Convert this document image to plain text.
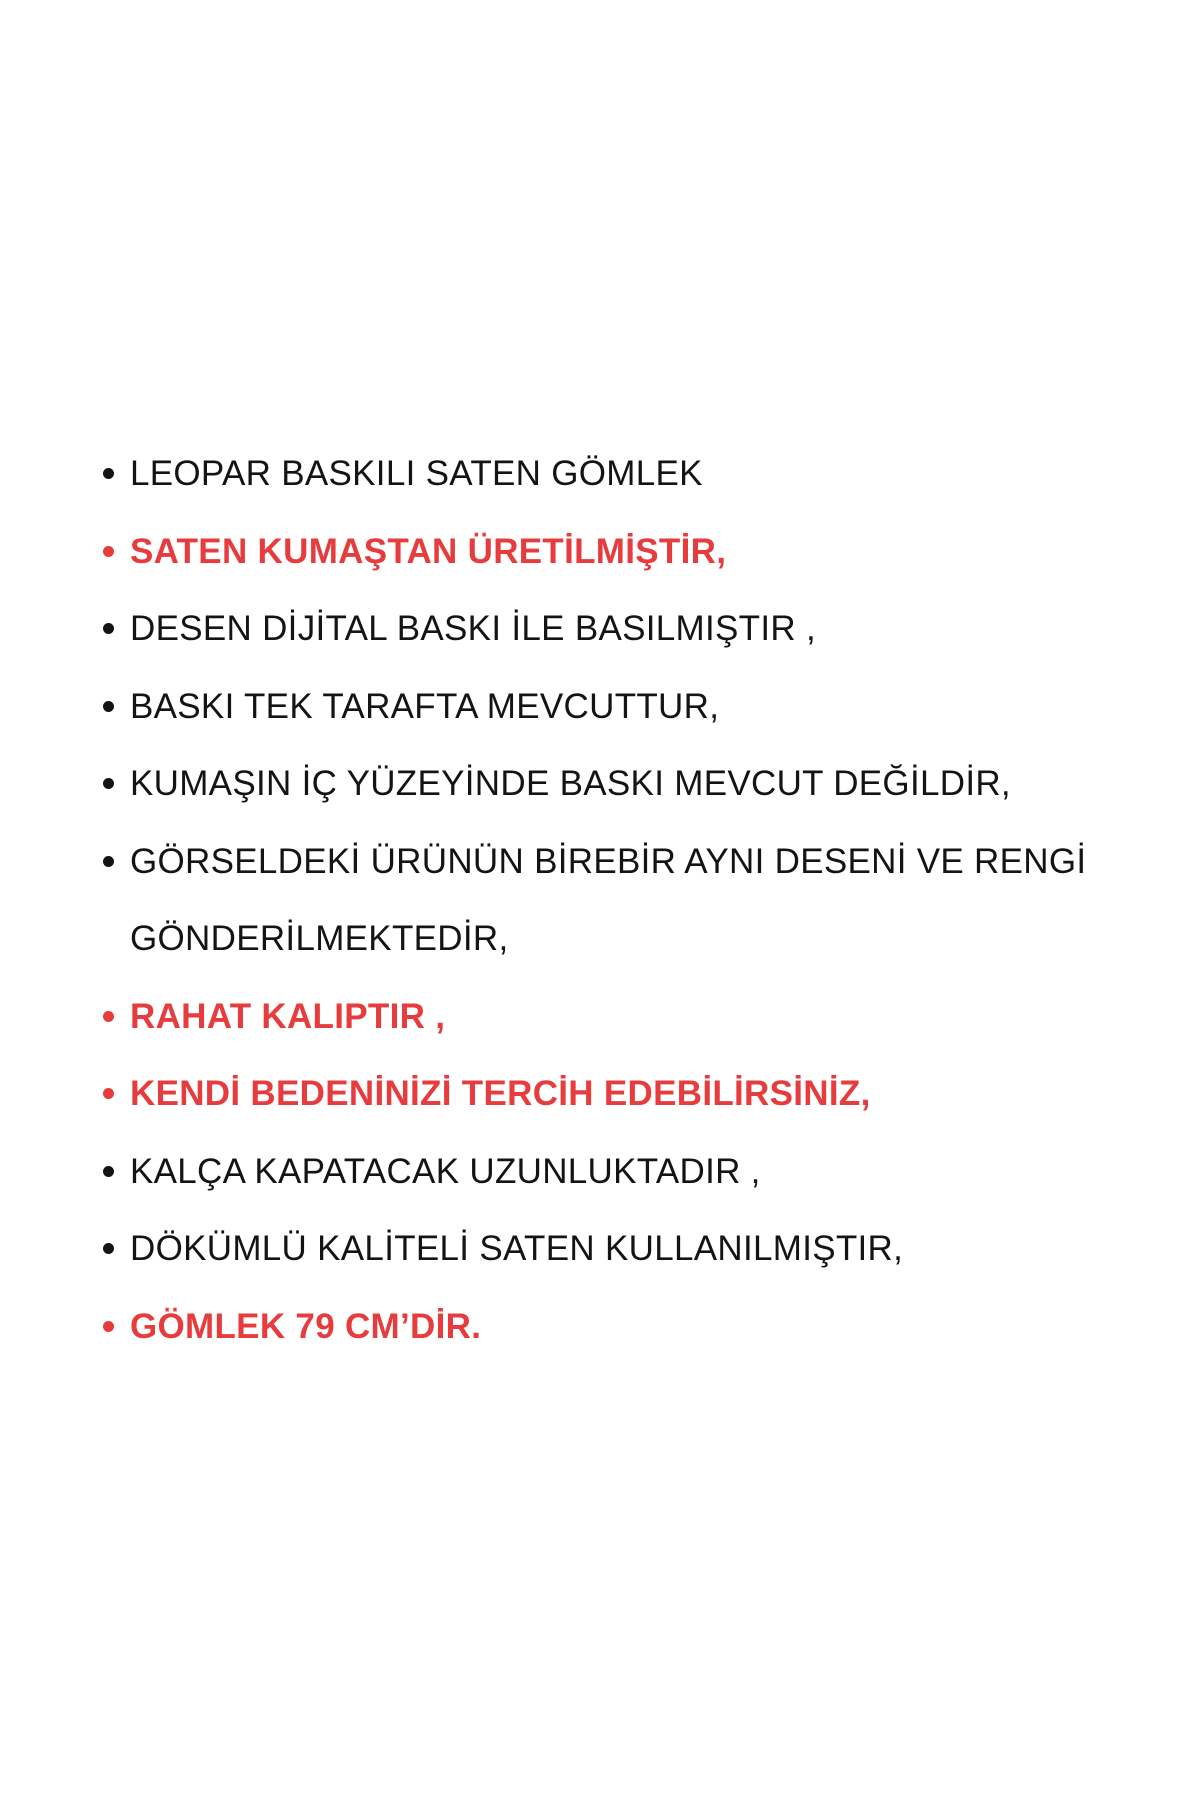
LEOPAR BASKILI SATEN GÖMLEK
SATEN KUMAŞTAN ÜRETİLMİŞTİR,
DESEN DİJİTAL BASKI İLE BASILMIŞTIR ,
BASKI TEK TARAFTA MEVCUTTUR,
KUMAŞIN İÇ YÜZEYİNDE BASKI MEVCUT DEĞİLDİR,
GÖRSELDEKİ ÜRÜNÜN BİREBİR AYNI DESENİ VE RENGİ GÖNDERİLMEKTEDİR,
RAHAT KALIPTIR ,
KENDİ BEDENİNİZİ TERCİH EDEBİLİRSİNİZ,
KALÇA KAPATACAK UZUNLUKTADIR ,
DÖKÜMLÜ KALİTELİ SATEN KULLANILMIŞTIR,
GÖMLEK 79 CM’DİR.
